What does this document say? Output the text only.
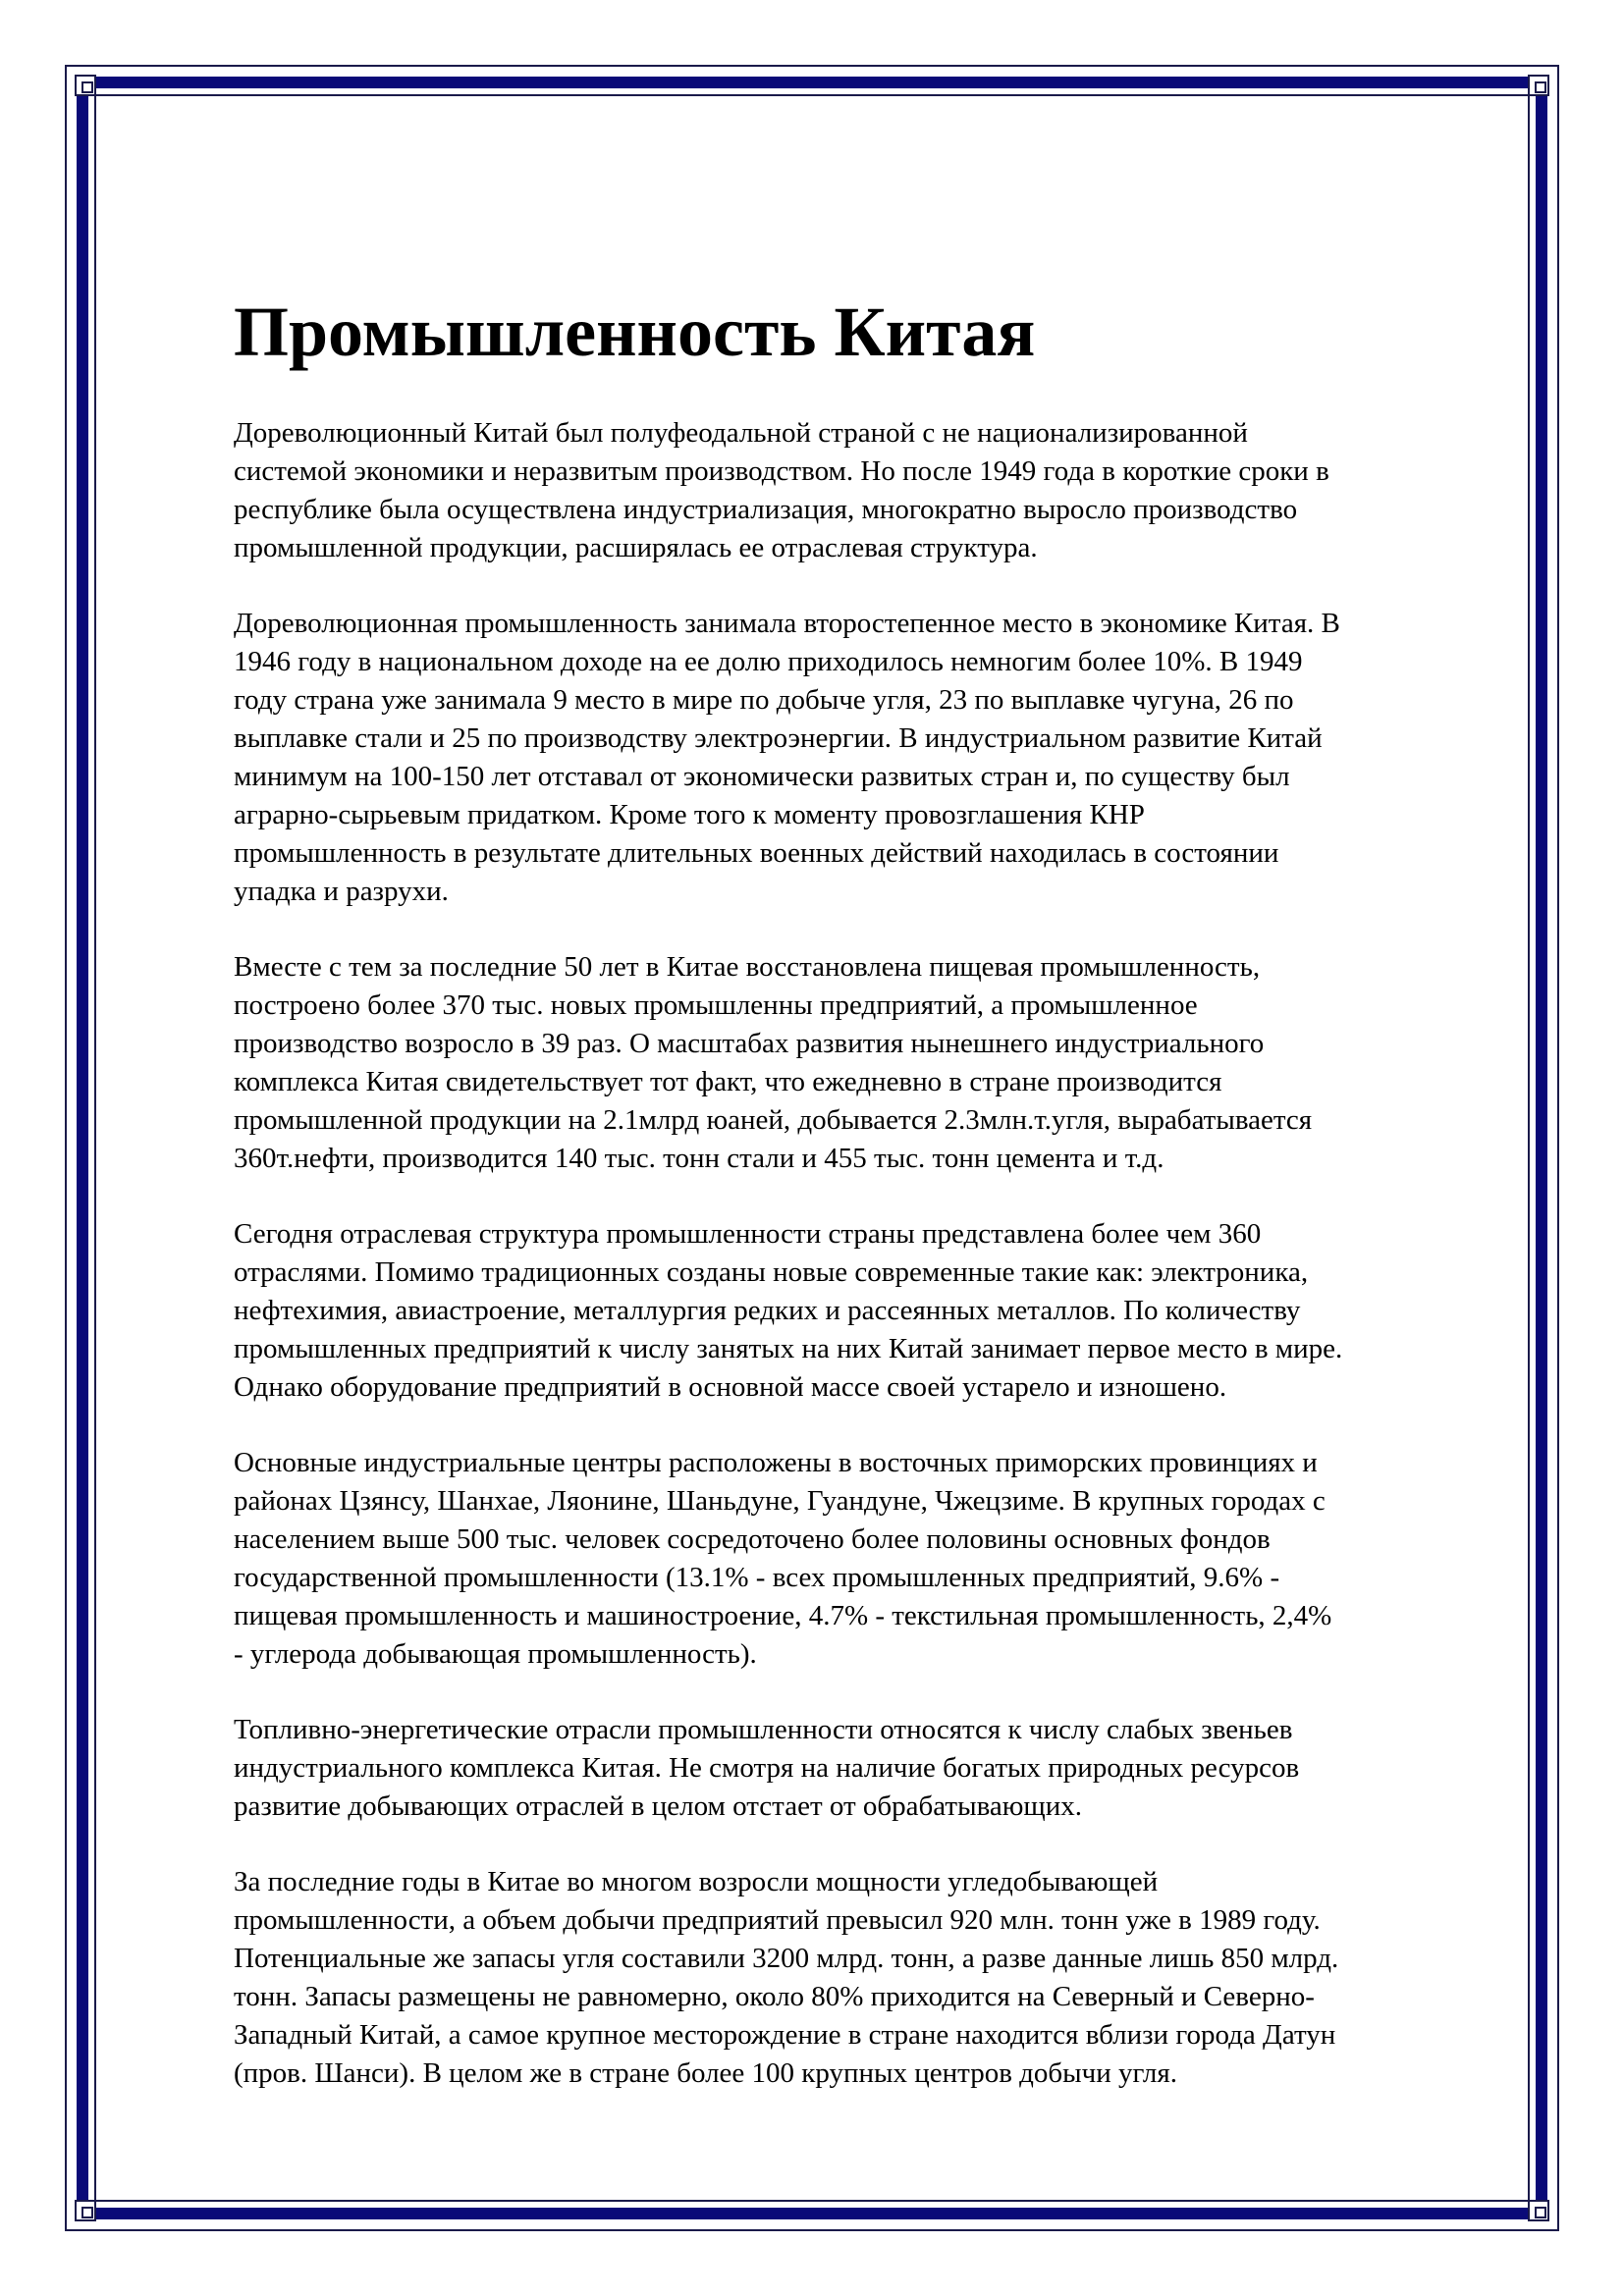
Промышленность Китая
Дореволюционный Китай был полуфеодальной страной с не национализированной
системой экономики и неразвитым производством. Но после 1949 года в короткие сроки в
республике была осуществлена индустриализация, многократно выросло производство
промышленной продукции, расширялась ее отраслевая структура.
Дореволюционная промышленность занимала второстепенное место в экономике Китая. В
1946 году в национальном доходе на ее долю приходилось немногим более 10%. В 1949
году страна уже занимала 9 место в мире по добыче угля, 23 по выплавке чугуна, 26 по
выплавке стали и 25 по производству электроэнергии. В индустриальном развитие Китай
минимум на 100-150 лет отставал от экономически развитых стран и, по существу был
аграрно-сырьевым придатком. Кроме того к моменту провозглашения КНР
промышленность в результате длительных военных действий находилась в состоянии
упадка и разрухи.
Вместе с тем за последние 50 лет в Китае восстановлена пищевая промышленность,
построено более 370 тыс. новых промышленны предприятий, а промышленное
производство возросло в 39 раз. О масштабах развития нынешнего индустриального
комплекса Китая свидетельствует тот факт, что ежедневно в стране производится
промышленной продукции на 2.1млрд юаней, добывается 2.3млн.т.угля, вырабатывается
360т.нефти, производится 140 тыс. тонн стали и 455 тыс. тонн цемента и т.д.
Сегодня отраслевая структура промышленности страны представлена более чем 360
отраслями. Помимо традиционных созданы новые современные такие как: электроника,
нефтехимия, авиастроение, металлургия редких и рассеянных металлов. По количеству
промышленных предприятий к числу занятых на них Китай занимает первое место в мире.
Однако оборудование предприятий в основной массе своей устарело и изношено.
Основные индустриальные центры расположены в восточных приморских провинциях и
районах Цзянсу, Шанхае, Ляонине, Шаньдуне, Гуандуне, Чжецзиме. В крупных городах с
населением выше 500 тыс. человек сосредоточено более половины основных фондов
государственной промышленности (13.1% - всех промышленных предприятий, 9.6% -
пищевая промышленность и машиностроение, 4.7% - текстильная промышленность, 2,4%
- углерода добывающая промышленность).
Топливно-энергетические отрасли промышленности относятся к числу слабых звеньев
индустриального комплекса Китая. Не смотря на наличие богатых природных ресурсов
развитие добывающих отраслей в целом отстает от обрабатывающих.
За последние годы в Китае во многом возросли мощности угледобывающей
промышленности, а объем добычи предприятий превысил 920 млн. тонн уже в 1989 году.
Потенциальные же запасы угля составили 3200 млрд. тонн, а разве данные лишь 850 млрд.
тонн. Запасы размещены не равномерно, около 80% приходится на Северный и Северно-
Западный Китай, а самое крупное месторождение в стране находится вблизи города Датун
(пров. Шанси). В целом же в стране более 100 крупных центров добычи угля.
